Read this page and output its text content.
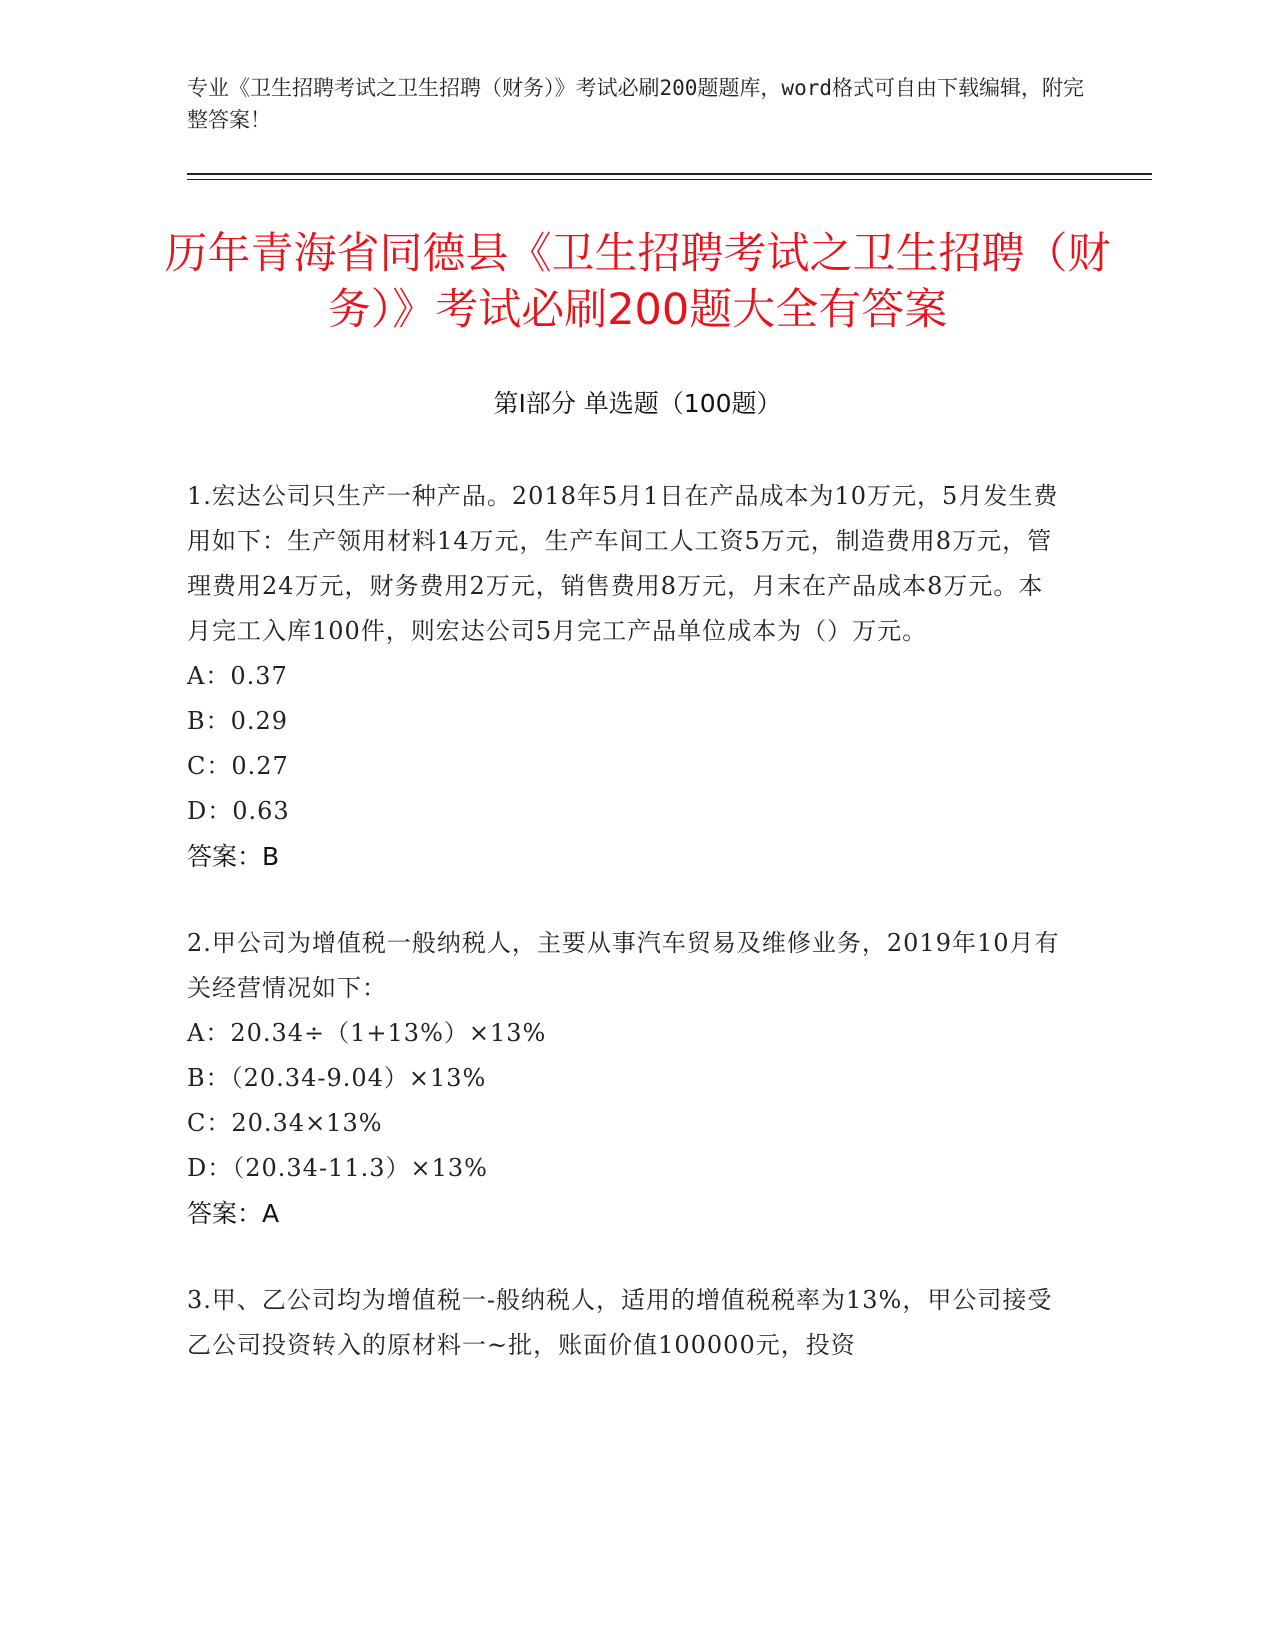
专业《卫生招聘考试之卫生招聘（财务）》考试必刷200题题库，word格式可自由下载编辑，附完整答案！
历年青海省同德县《卫生招聘考试之卫生招聘（财务）》考试必刷200题大全有答案
第Ⅰ部分 单选题（100题）
1.宏达公司只生产一种产品。2018年5月1日在产品成本为10万元，5月发生费用如下：生产领用材料14万元，生产车间工人工资5万元，制造费用8万元，管理费用24万元，财务费用2万元，销售费用8万元，月末在产品成本8万元。本月完工入库100件，则宏达公司5月完工产品单位成本为（）万元。
A：0.37
B：0.29
C：0.27
D：0.63
答案：B
2.甲公司为增值税一般纳税人，主要从事汽车贸易及维修业务，2019年10月有关经营情况如下：
A：20.34÷（1+13%）×13%
B：（20.34-9.04）×13%
C：20.34×13%
D：（20.34-11.3）×13%
答案：A
3.甲、乙公司均为增值税一-般纳税人，适用的增值税税率为13%，甲公司接受乙公司投资转入的原材料一~批，账面价值100000元，投资
